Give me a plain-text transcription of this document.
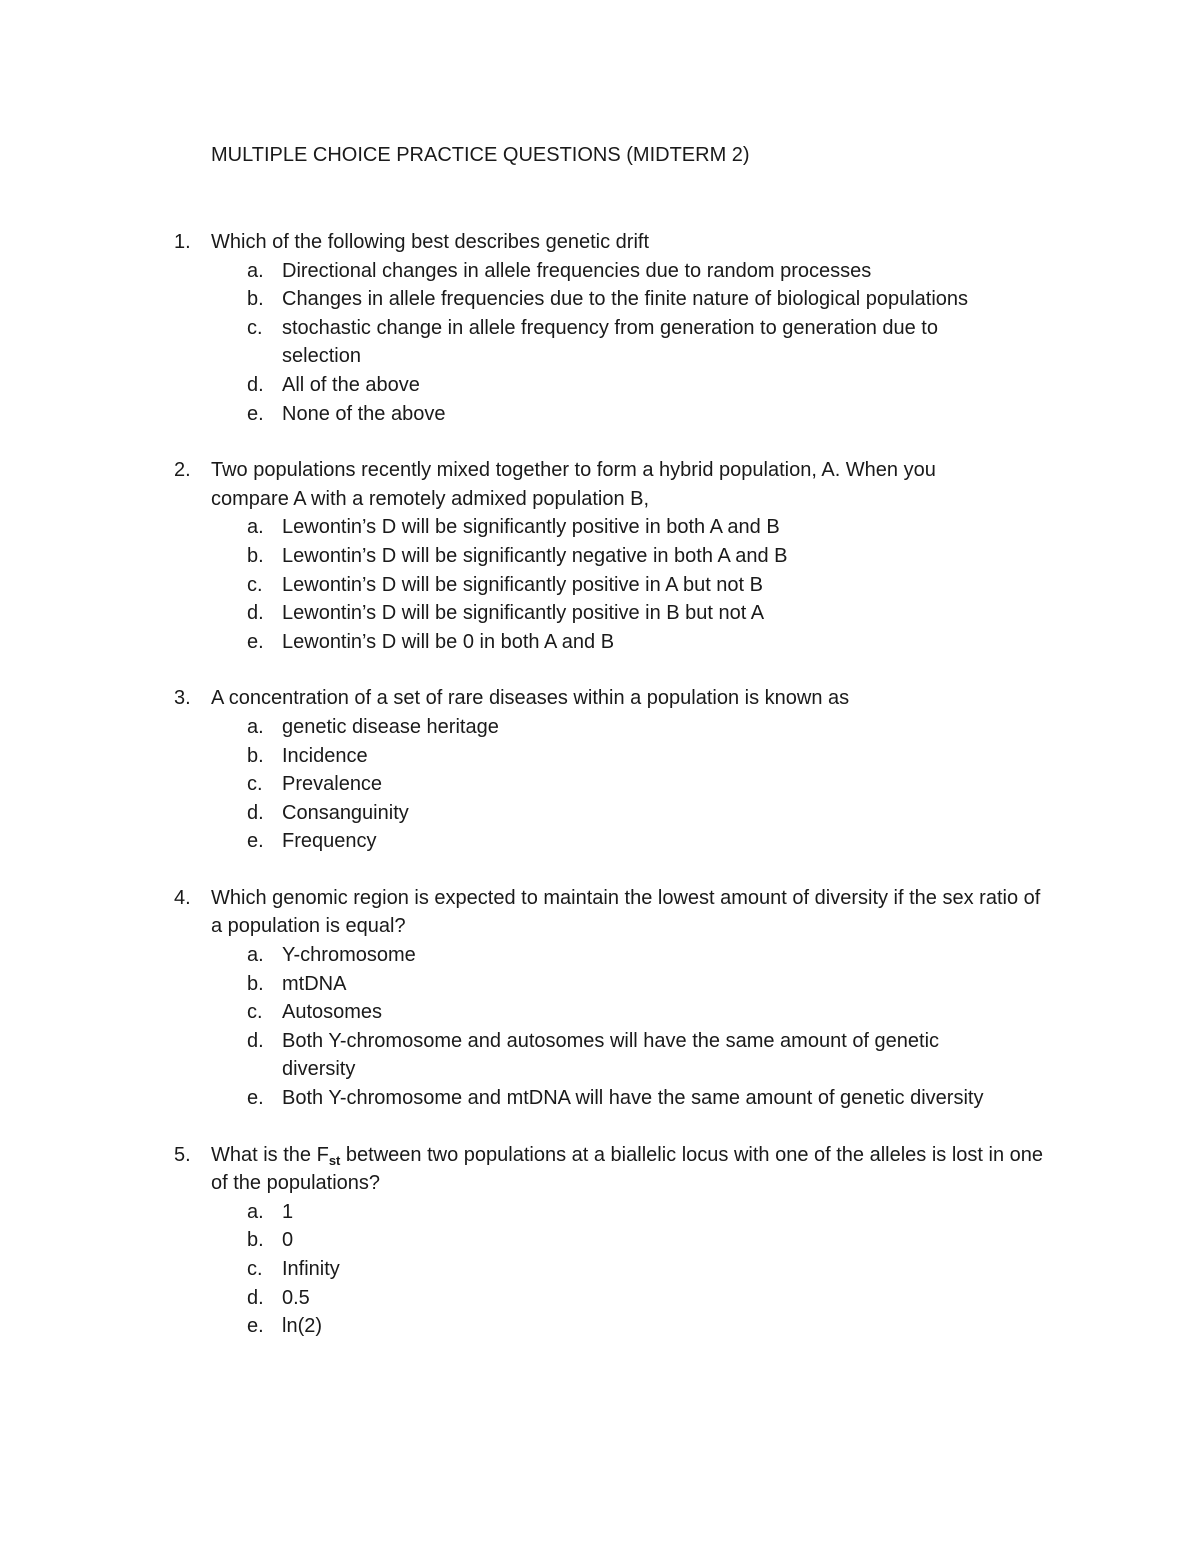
MULTIPLE CHOICE PRACTICE QUESTIONS (MIDTERM 2)
1. Which of the following best describes genetic drift
a. Directional changes in allele frequencies due to random processes
b. Changes in allele frequencies due to the finite nature of biological populations
c. stochastic change in allele frequency from generation to generation due to selection
d. All of the above
e. None of the above
2. Two populations recently mixed together to form a hybrid population, A. When you compare A with a remotely admixed population B,
a. Lewontin’s D will be significantly positive in both A and B
b. Lewontin’s D will be significantly negative in both A and B
c. Lewontin’s D will be significantly positive in A but not B
d. Lewontin’s D will be significantly positive in B but not A
e. Lewontin’s D will be 0 in both A and B
3. A concentration of a set of rare diseases within a population is known as
a. genetic disease heritage
b. Incidence
c. Prevalence
d. Consanguinity
e. Frequency
4. Which genomic region is expected to maintain the lowest amount of diversity if the sex ratio of a population is equal?
a. Y-chromosome
b. mtDNA
c. Autosomes
d. Both Y-chromosome and autosomes will have the same amount of genetic diversity
e. Both Y-chromosome and mtDNA will have the same amount of genetic diversity
5. What is the $F_{st}$ between two populations at a biallelic locus with one of the alleles is lost in one of the populations?
a. 1
b. 0
c. Infinity
d. 0.5
e. ln(2)
